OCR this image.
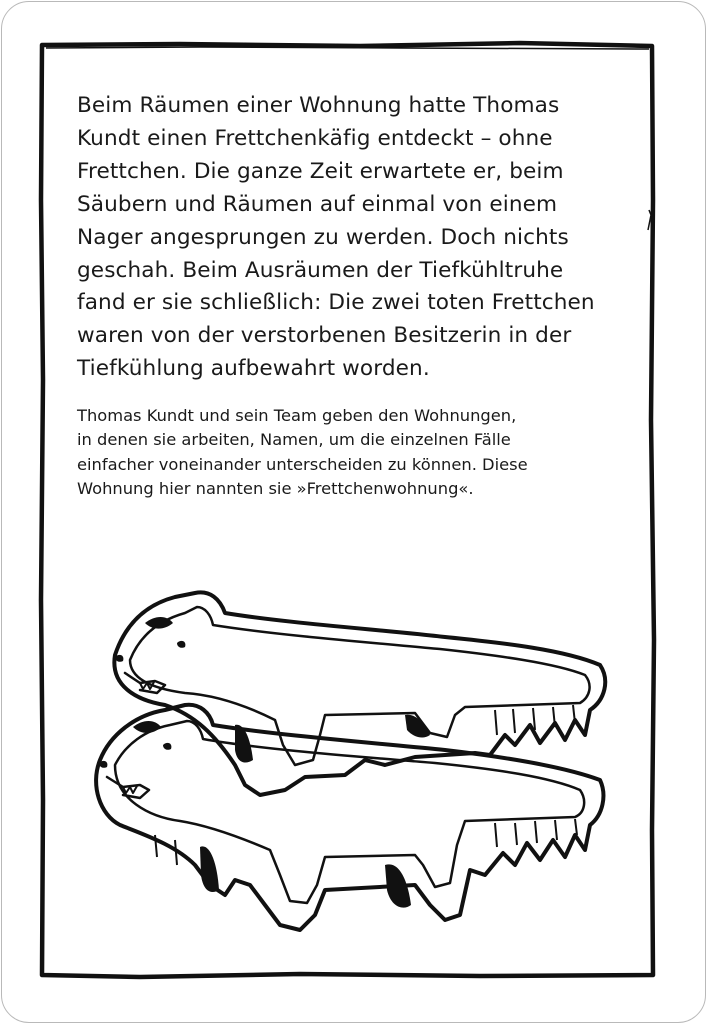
Beim Räumen einer Wohnung hatte Thomas
Kundt einen Frettchenkäfig entdeckt – ohne
Frettchen. Die ganze Zeit erwartete er, beim
Säubern und Räumen auf einmal von einem
Nager angesprungen zu werden. Doch nichts
geschah. Beim Ausräumen der Tiefkühltruhe
fand er sie schließlich: Die zwei toten Frettchen
waren von der verstorbenen Besitzerin in der
Tiefkühlung aufbewahrt worden.
Thomas Kundt und sein Team geben den Wohnungen,
in denen sie arbeiten, Namen, um die einzelnen Fälle
einfacher voneinander unterscheiden zu können. Diese
Wohnung hier nannten sie »Frettchenwohnung«.
